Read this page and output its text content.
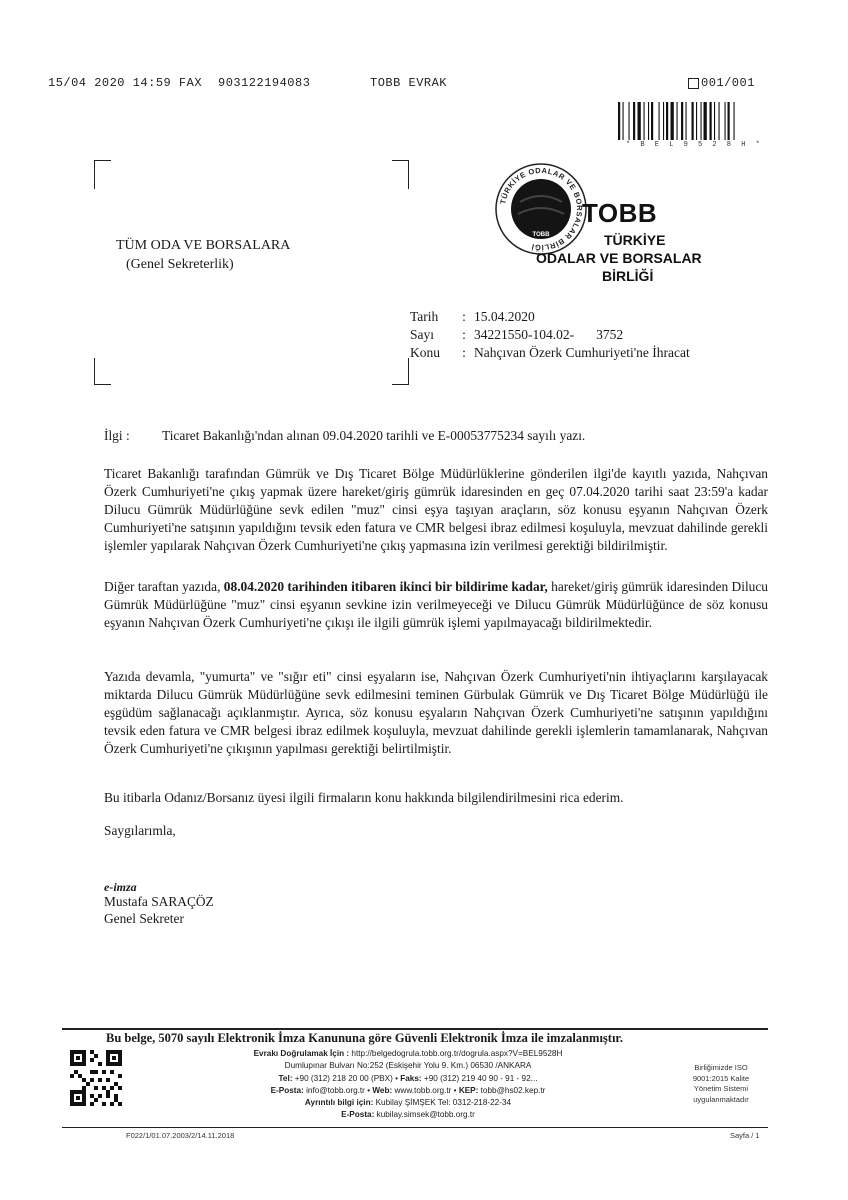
15/04 2020 14:59 FAX 903122194083	TOBB EVRAK	001/001
* B E L 9 5 2 8 H *
TÜM ODA VE BORSALARA
(Genel Sekreterlik)
TÜRKİYE ODALAR VE BORSALAR BİRLİĞİ
TOBB
TOBB
TÜRKİYE
ODALAR VE BORSALAR
BİRLİĞİ
Tarih	: 15.04.2020
Sayı	: 34221550-104.02- 3752
Konu	: Nahçıvan Özerk Cumhuriyeti'ne İhracat
İlgi :	Ticaret Bakanlığı'ndan alınan 09.04.2020 tarihli ve E-00053775234 sayılı yazı.
Ticaret Bakanlığı tarafından Gümrük ve Dış Ticaret Bölge Müdürlüklerine gönderilen ilgi'de kayıtlı yazıda, Nahçıvan Özerk Cumhuriyeti'ne çıkış yapmak üzere hareket/giriş gümrük idaresinden en geç 07.04.2020 tarihi saat 23:59'a kadar Dilucu Gümrük Müdürlüğüne sevk edilen "muz" cinsi eşya taşıyan araçların, söz konusu eşyanın Nahçıvan Özerk Cumhuriyeti'ne satışının yapıldığını tevsik eden fatura ve CMR belgesi ibraz edilmesi koşuluyla, mevzuat dahilinde gerekli işlemler yapılarak Nahçıvan Özerk Cumhuriyeti'ne çıkış yapmasına izin verilmesi gerektiği bildirilmiştir.
Diğer taraftan yazıda, 08.04.2020 tarihinden itibaren ikinci bir bildirime kadar, hareket/giriş gümrük idaresinden Dilucu Gümrük Müdürlüğüne "muz" cinsi eşyanın sevkine izin verilmeyeceği ve Dilucu Gümrük Müdürlüğünce de söz konusu eşyanın Nahçıvan Özerk Cumhuriyeti'ne çıkışı ile ilgili gümrük işlemi yapılmayacağı bildirilmektedir.
Yazıda devamla, "yumurta" ve "sığır eti" cinsi eşyaların ise, Nahçıvan Özerk Cumhuriyeti'nin ihtiyaçlarını karşılayacak miktarda Dilucu Gümrük Müdürlüğüne sevk edilmesini teminen Gürbulak Gümrük ve Dış Ticaret Bölge Müdürlüğü ile eşgüdüm sağlanacağı açıklanmıştır. Ayrıca, söz konusu eşyaların Nahçıvan Özerk Cumhuriyeti'ne satışının yapıldığını tevsik eden fatura ve CMR belgesi ibraz edilmek koşuluyla, mevzuat dahilinde gerekli işlemlerin tamamlanarak, Nahçıvan Özerk Cumhuriyeti'ne çıkışının yapılması gerektiği belirtilmiştir.
Bu itibarla Odanız/Borsanız üyesi ilgili firmaların konu hakkında bilgilendirilmesini rica ederim.
Saygılarımla,
e-imza
Mustafa SARAÇÖZ
Genel Sekreter
Bu belge, 5070 sayılı Elektronik İmza Kanununa göre Güvenli Elektronik İmza ile imzalanmıştır.
Evrakı Doğrulamak İçin : http://belgedogrula.tobb.org.tr/dogrula.aspx?V=BEL9528H
Dumlupınar Bulvarı No:252 (Eskişehir Yolu 9. Km.) 06530 /ANKARA
Tel: +90 (312) 218 20 00 (PBX) • Faks: +90 (312) 219 40 90 - 91 - 92...
E-Posta: info@tobb.org.tr • Web: www.tobb.org.tr • KEP: tobb@hs02.kep.tr
Ayrıntılı bilgi için: Kubilay ŞİMŞEK Tel: 0312-218-22-34
E-Posta: kubilay.simsek@tobb.org.tr
Birliğimizde ISO 9001:2015 Kalite Yönetim Sistemi uygulanmaktadır
F022/1/01.07.2003/2/14.11.2018	Sayfa / 1
